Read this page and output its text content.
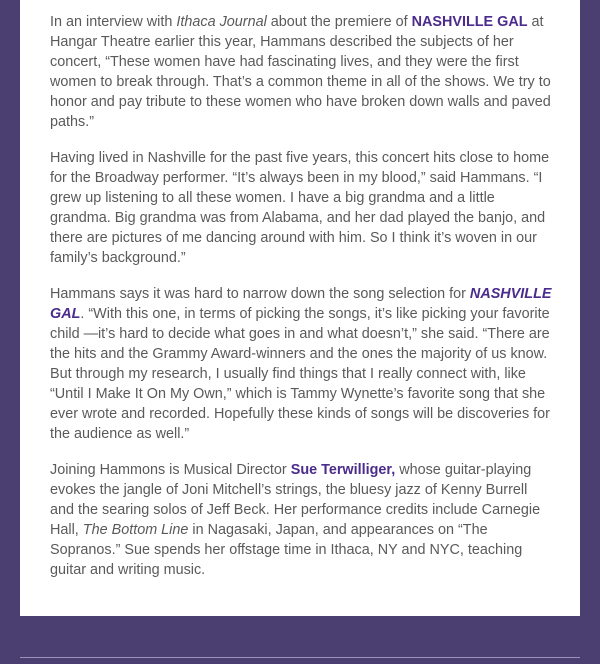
In an interview with Ithaca Journal about the premiere of NASHVILLE GAL at Hangar Theatre earlier this year, Hammans described the subjects of her concert, “These women have had fascinating lives, and they were the first women to break through. That’s a common theme in all of the shows. We try to honor and pay tribute to these women who have broken down walls and paved paths.”

Having lived in Nashville for the past five years, this concert hits close to home for the Broadway performer. “It’s always been in my blood,” said Hammans. “I grew up listening to all these women. I have a big grandma and a little grandma. Big grandma was from Alabama, and her dad played the banjo, and there are pictures of me dancing around with him. So I think it’s woven in our family’s background.”

Hammans says it was hard to narrow down the song selection for NASHVILLE GAL. “With this one, in terms of picking the songs, it’s like picking your favorite child —it’s hard to decide what goes in and what doesn’t,” she said. “There are the hits and the Grammy Award-winners and the ones the majority of us know. But through my research, I usually find things that I really connect with, like “Until I Make It On My Own,” which is Tammy Wynette’s favorite song that she ever wrote and recorded. Hopefully these kinds of songs will be discoveries for the audience as well.”

Joining Hammons is Musical Director Sue Terwilliger, whose guitar-playing evokes the jangle of Joni Mitchell’s strings, the bluesy jazz of Kenny Burrell and the searing solos of Jeff Beck. Her performance credits include Carnegie Hall, The Bottom Line in Nagasaki, Japan, and appearances on “The Sopranos.” Sue spends her offstage time in Ithaca, NY and NYC, teaching guitar and writing music.
